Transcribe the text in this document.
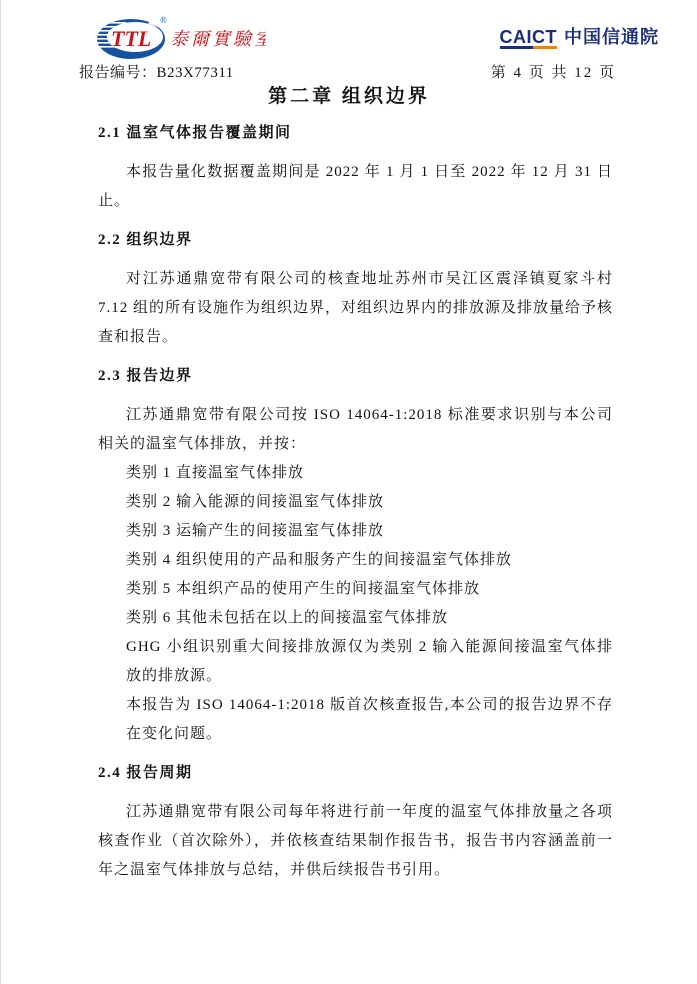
TTL
®
泰爾實驗室	CAICT 中国信通院
报告编号：B23X77311	第 4 页 共 12 页
第二章 组织边界
2.1 温室气体报告覆盖期间

本报告量化数据覆盖期间是 2022 年 1 月 1 日至 2022 年 12 月 31 日止。

2.2 组织边界

对江苏通鼎宽带有限公司的核查地址苏州市吴江区震泽镇夏家斗村 7.12 组的所有设施作为组织边界，对组织边界内的排放源及排放量给予核查和报告。

2.3 报告边界

江苏通鼎宽带有限公司按 ISO 14064-1:2018 标准要求识别与本公司相关的温室气体排放，并按：

类别 1 直接温室气体排放
类别 2 输入能源的间接温室气体排放
类别 3 运输产生的间接温室气体排放
类别 4 组织使用的产品和服务产生的间接温室气体排放
类别 5 本组织产品的使用产生的间接温室气体排放
类别 6 其他未包括在以上的间接温室气体排放
GHG 小组识别重大间接排放源仅为类别 2 输入能源间接温室气体排放的排放源。
本报告为 ISO 14064-1:2018 版首次核查报告,本公司的报告边界不存在变化问题。
2.4 报告周期

江苏通鼎宽带有限公司每年将进行前一年度的温室气体排放量之各项核查作业（首次除外），并依核查结果制作报告书，报告书内容涵盖前一年之温室气体排放与总结，并供后续报告书引用。
